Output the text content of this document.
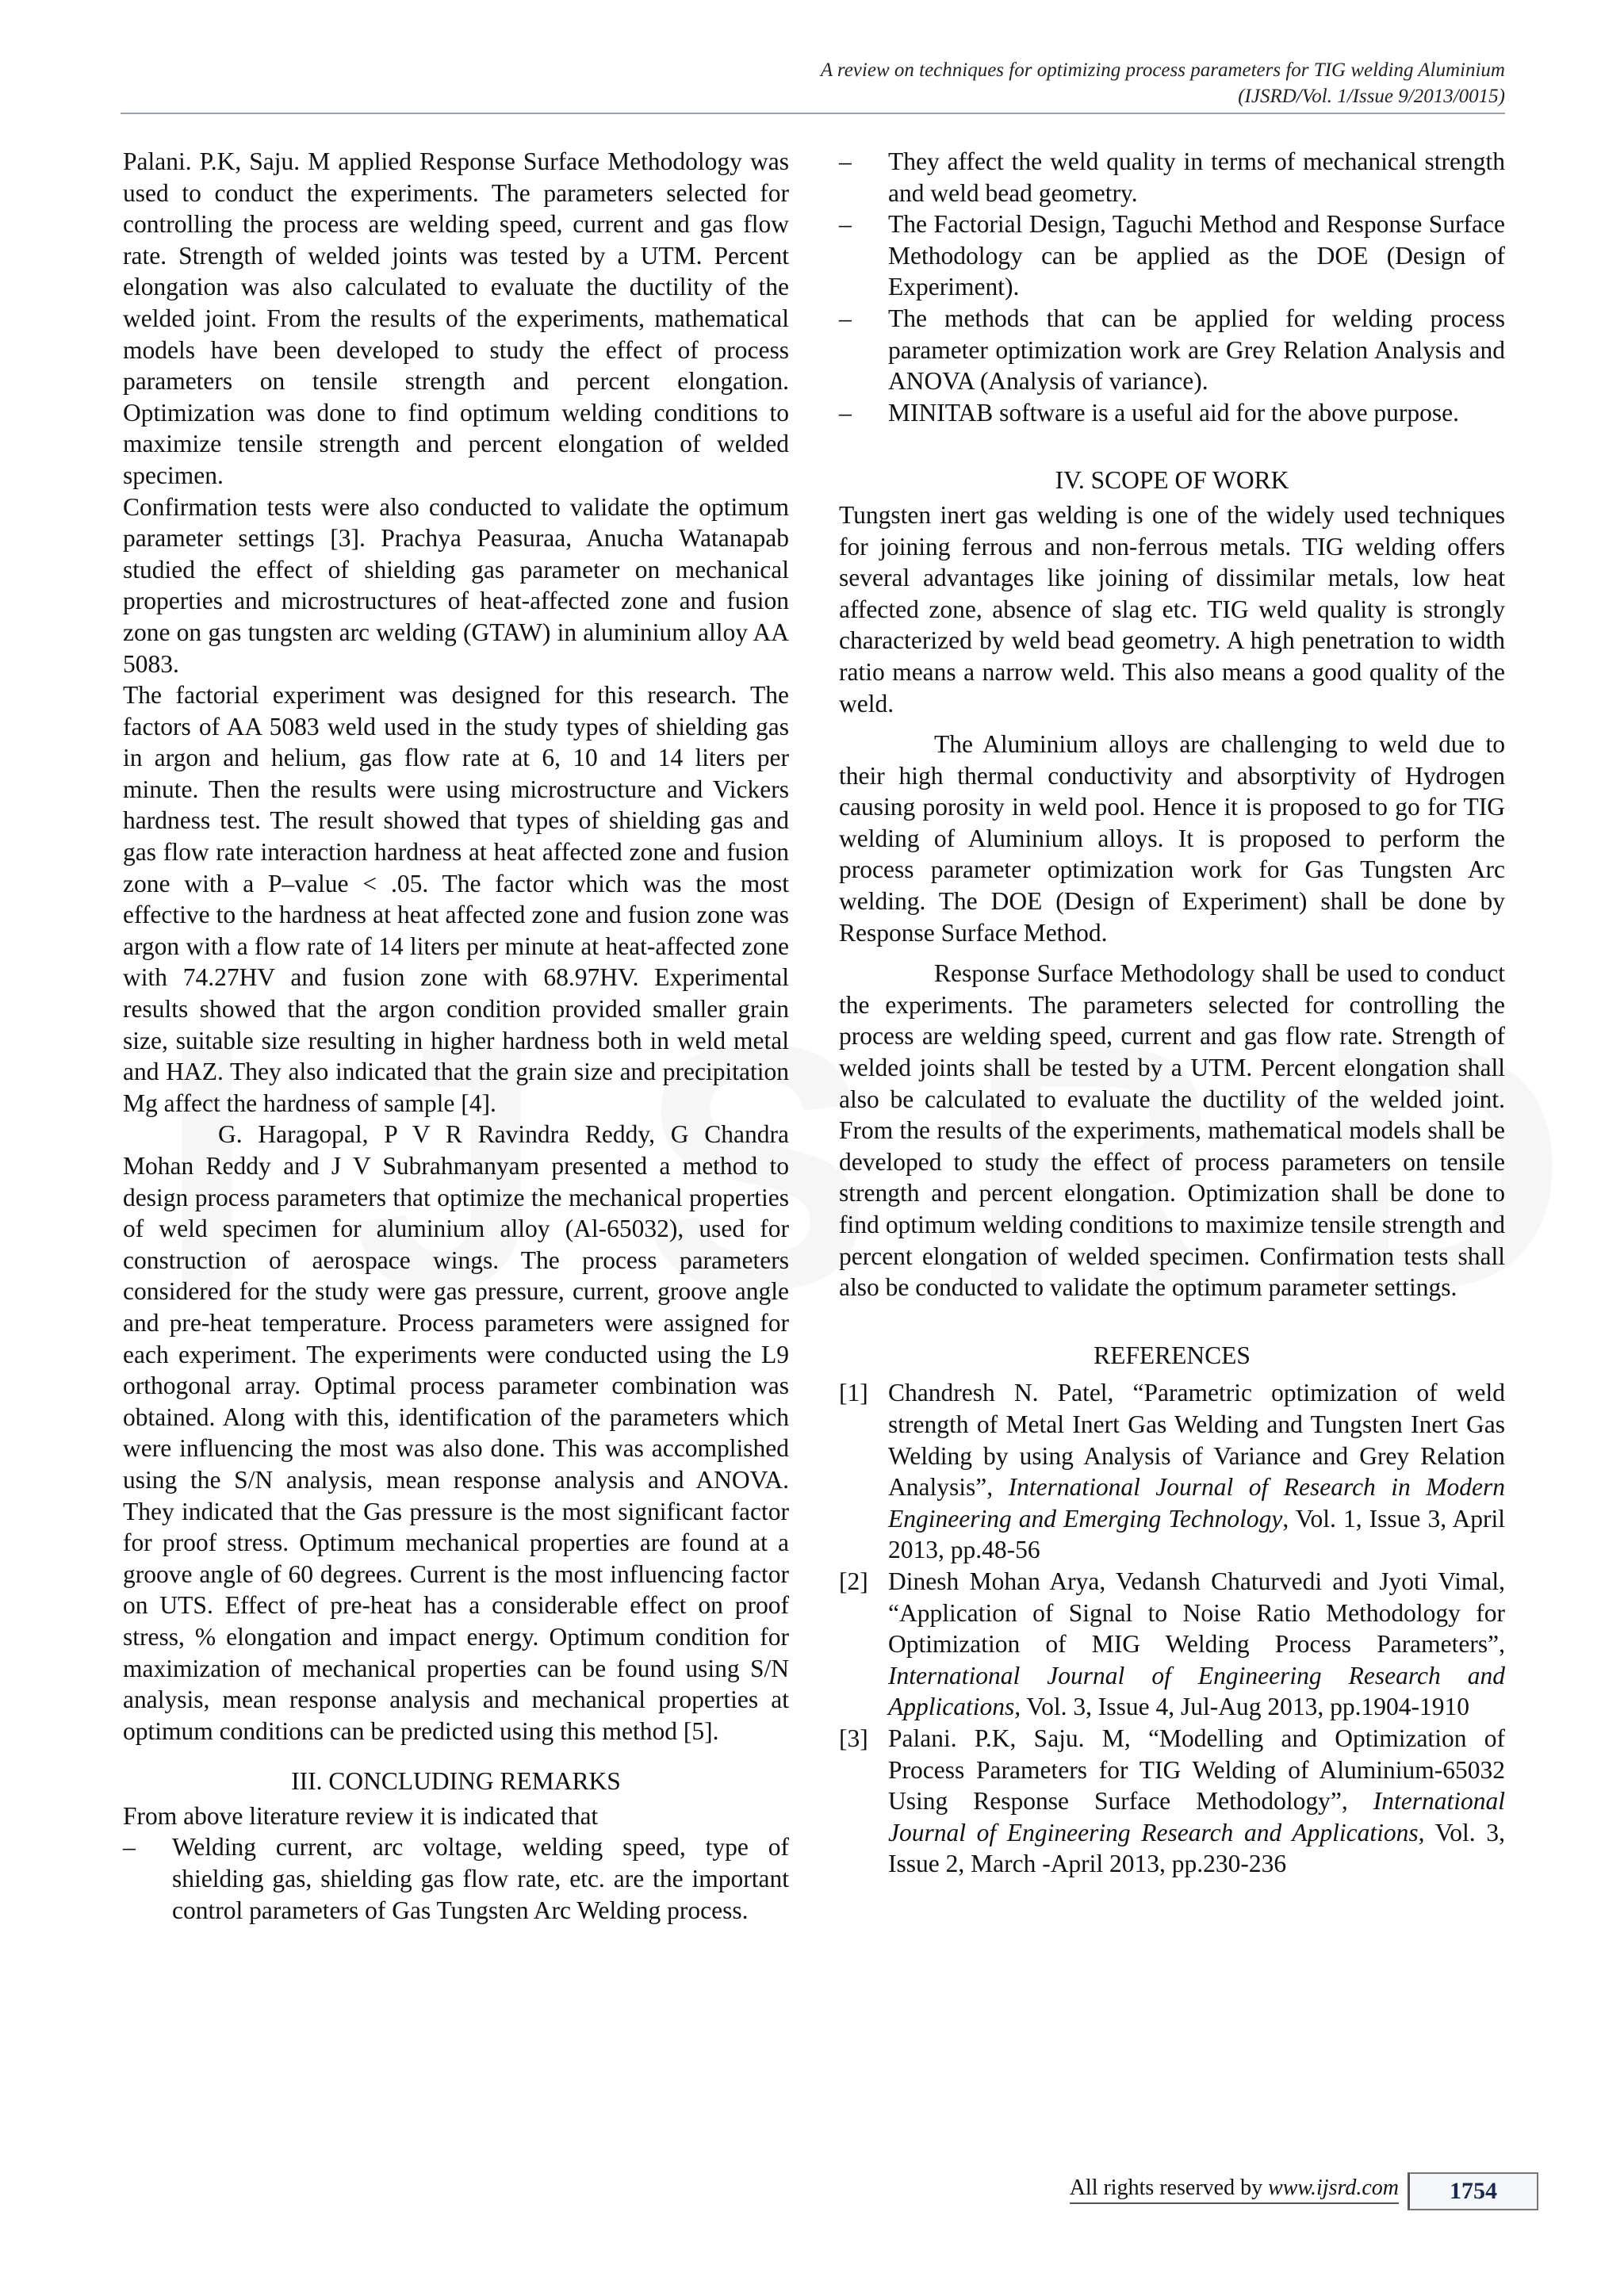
A review on techniques for optimizing process parameters for TIG welding Aluminium
(IJSRD/Vol. 1/Issue 9/2013/0015)

Palani. P.K, Saju. M applied Response Surface Methodology was used to conduct the experiments. The parameters selected for controlling the process are welding speed, current and gas flow rate. Strength of welded joints was tested by a UTM. Percent elongation was also calculated to evaluate the ductility of the welded joint. From the results of the experiments, mathematical models have been developed to study the effect of process parameters on tensile strength and percent elongation. Optimization was done to find optimum welding conditions to maximize tensile strength and percent elongation of welded specimen.

Confirmation tests were also conducted to validate the optimum parameter settings [3]. Prachya Peasuraa, Anucha Watanapab studied the effect of shielding gas parameter on mechanical properties and microstructures of heat-affected zone and fusion zone on gas tungsten arc welding (GTAW) in aluminium alloy AA 5083.

The factorial experiment was designed for this research. The factors of AA 5083 weld used in the study types of shielding gas in argon and helium, gas flow rate at 6, 10 and 14 liters per minute. Then the results were using microstructure and Vickers hardness test. The result showed that types of shielding gas and gas flow rate interaction hardness at heat affected zone and fusion zone with a P–value < .05. The factor which was the most effective to the hardness at heat affected zone and fusion zone was argon with a flow rate of 14 liters per minute at heat-affected zone with 74.27HV and fusion zone with 68.97HV. Experimental results showed that the argon condition provided smaller grain size, suitable size resulting in higher hardness both in weld metal and HAZ. They also indicated that the grain size and precipitation Mg affect the hardness of sample [4].

G. Haragopal, P V R Ravindra Reddy, G Chandra Mohan Reddy and J V Subrahmanyam presented a method to design process parameters that optimize the mechanical properties of weld specimen for aluminium alloy (Al-65032), used for construction of aerospace wings. The process parameters considered for the study were gas pressure, current, groove angle and pre-heat temperature. Process parameters were assigned for each experiment. The experiments were conducted using the L9 orthogonal array. Optimal process parameter combination was obtained. Along with this, identification of the parameters which were influencing the most was also done. This was accomplished using the S/N analysis, mean response analysis and ANOVA. They indicated that the Gas pressure is the most significant factor for proof stress. Optimum mechanical properties are found at a groove angle of 60 degrees. Current is the most influencing factor on UTS. Effect of pre-heat has a considerable effect on proof stress, % elongation and impact energy. Optimum condition for maximization of mechanical properties can be found using S/N analysis, mean response analysis and mechanical properties at optimum conditions can be predicted using this method [5].

III. CONCLUDING REMARKS

From above literature review it is indicated that

– Welding current, arc voltage, welding speed, type of shielding gas, shielding gas flow rate, etc. are the important control parameters of Gas Tungsten Arc Welding process.
– They affect the weld quality in terms of mechanical strength and weld bead geometry.
– The Factorial Design, Taguchi Method and Response Surface Methodology can be applied as the DOE (Design of Experiment).
– The methods that can be applied for welding process parameter optimization work are Grey Relation Analysis and ANOVA (Analysis of variance).
– MINITAB software is a useful aid for the above purpose.
IV. SCOPE OF WORK

Tungsten inert gas welding is one of the widely used techniques for joining ferrous and non-ferrous metals. TIG welding offers several advantages like joining of dissimilar metals, low heat affected zone, absence of slag etc. TIG weld quality is strongly characterized by weld bead geometry. A high penetration to width ratio means a narrow weld. This also means a good quality of the weld.

The Aluminium alloys are challenging to weld due to their high thermal conductivity and absorptivity of Hydrogen causing porosity in weld pool. Hence it is proposed to go for TIG welding of Aluminium alloys. It is proposed to perform the process parameter optimization work for Gas Tungsten Arc welding. The DOE (Design of Experiment) shall be done by Response Surface Method.

Response Surface Methodology shall be used to conduct the experiments. The parameters selected for controlling the process are welding speed, current and gas flow rate. Strength of welded joints shall be tested by a UTM. Percent elongation shall also be calculated to evaluate the ductility of the welded joint. From the results of the experiments, mathematical models shall be developed to study the effect of process parameters on tensile strength and percent elongation. Optimization shall be done to find optimum welding conditions to maximize tensile strength and percent elongation of welded specimen. Confirmation tests shall also be conducted to validate the optimum parameter settings.

REFERENCES
[1] Chandresh N. Patel, “Parametric optimization of weld strength of Metal Inert Gas Welding and Tungsten Inert Gas Welding by using Analysis of Variance and Grey Relation Analysis”, International Journal of Research in Modern Engineering and Emerging Technology, Vol. 1, Issue 3, April 2013, pp.48-56
[2] Dinesh Mohan Arya, Vedansh Chaturvedi and Jyoti Vimal, “Application of Signal to Noise Ratio Methodology for Optimization of MIG Welding Process Parameters”, International Journal of Engineering Research and Applications, Vol. 3, Issue 4, Jul-Aug 2013, pp.1904-1910
[3] Palani. P.K, Saju. M, “Modelling and Optimization of Process Parameters for TIG Welding of Aluminium-65032 Using Response Surface Methodology”, International Journal of Engineering Research and Applications, Vol. 3, Issue 2, March -April 2013, pp.230-236
All rights reserved by www.ijsrd.com	1754
